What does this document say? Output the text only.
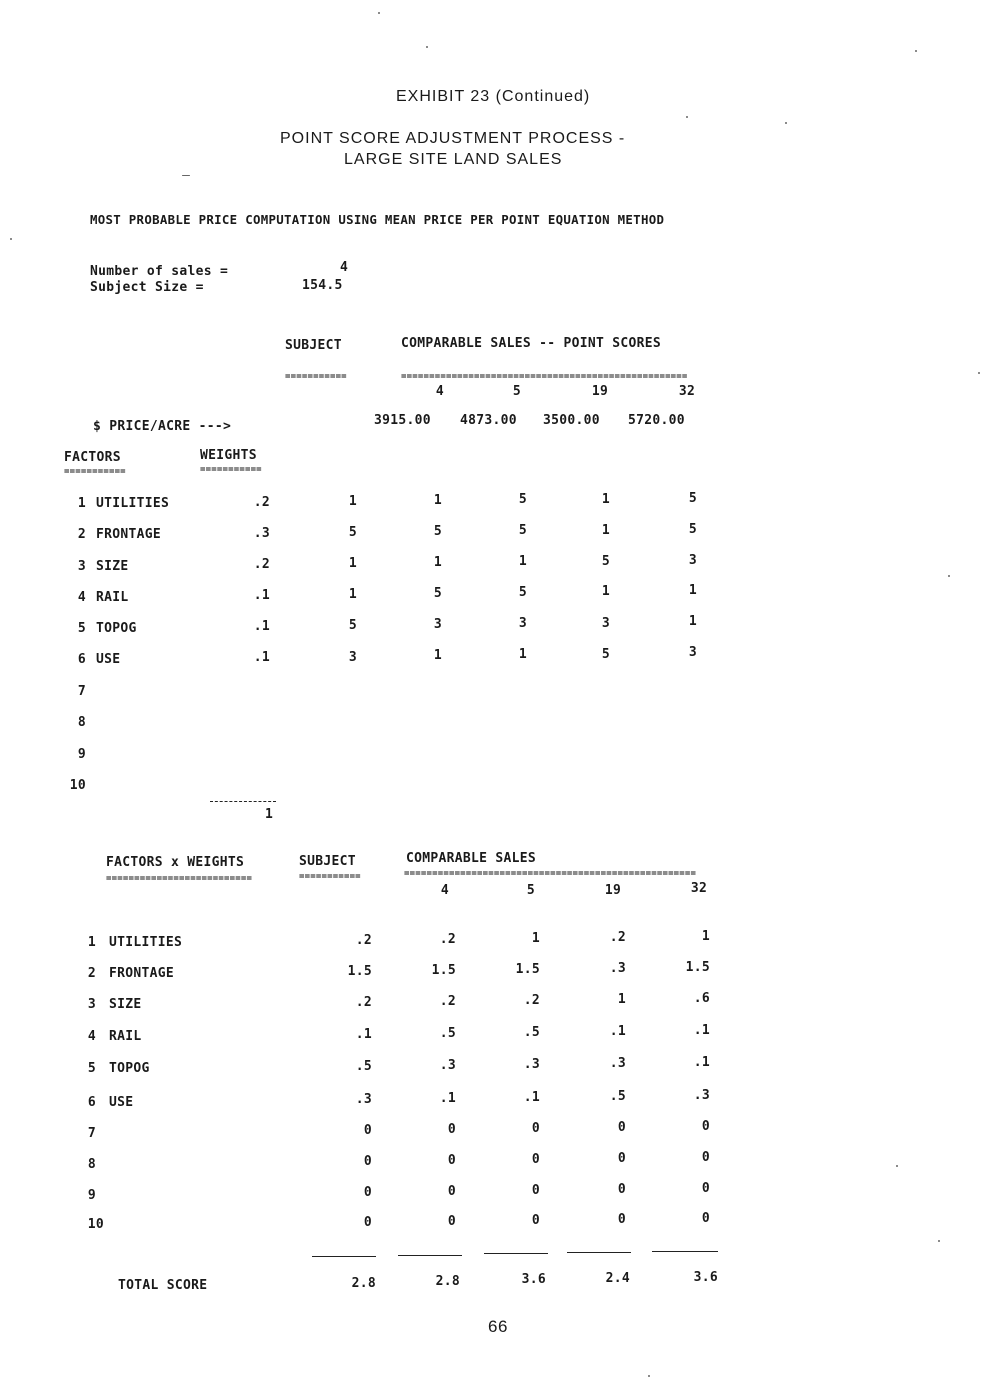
EXHIBIT 23 (Continued)
POINT SCORE ADJUSTMENT PROCESS -
LARGE SITE LAND SALES
MOST PROBABLE PRICE COMPUTATION USING MEAN PRICE PER POINT EQUATION METHOD
Number of sales =	4
Subject Size =	154.5
SUBJECT	COMPARABLE SALES -- POINT SCORES
===========	===================================================
4	5	19	32
$ PRICE/ACRE --->	3915.00 4873.00 3500.00 5720.00
FACTORS	WEIGHTS
===========	===========
1 UTILITIES	.2	1	1	5	1	5
2 FRONTAGE	.3	5	5	5	1	5
3 SIZE	.2	1	1	1	5	3
4 RAIL	.1	1	5	5	1	1
5 TOPOG	.1	5	3	3	3	1
6 USE	.1	3	1	1	5	3
7
8
9
10
1
FACTORS x WEIGHTS	SUBJECT	COMPARABLE SALES
==========================	===========	====================================================
4	5	19	32
1 UTILITIES	.2	.2	1	.2	1
2 FRONTAGE	1.5	1.5	1.5	.3	1.5
3 SIZE	.2	.2	.2	1	.6
4 RAIL	.1	.5	.5	.1	.1
5 TOPOG	.5	.3	.3	.3	.1
6 USE	.3	.1	.1	.5	.3
7	0	0	0	0	0
8	0	0	0	0	0
9	0	0	0	0	0
10	0	0	0	0	0
TOTAL SCORE	2.8	2.8	3.6	2.4	3.6
66
